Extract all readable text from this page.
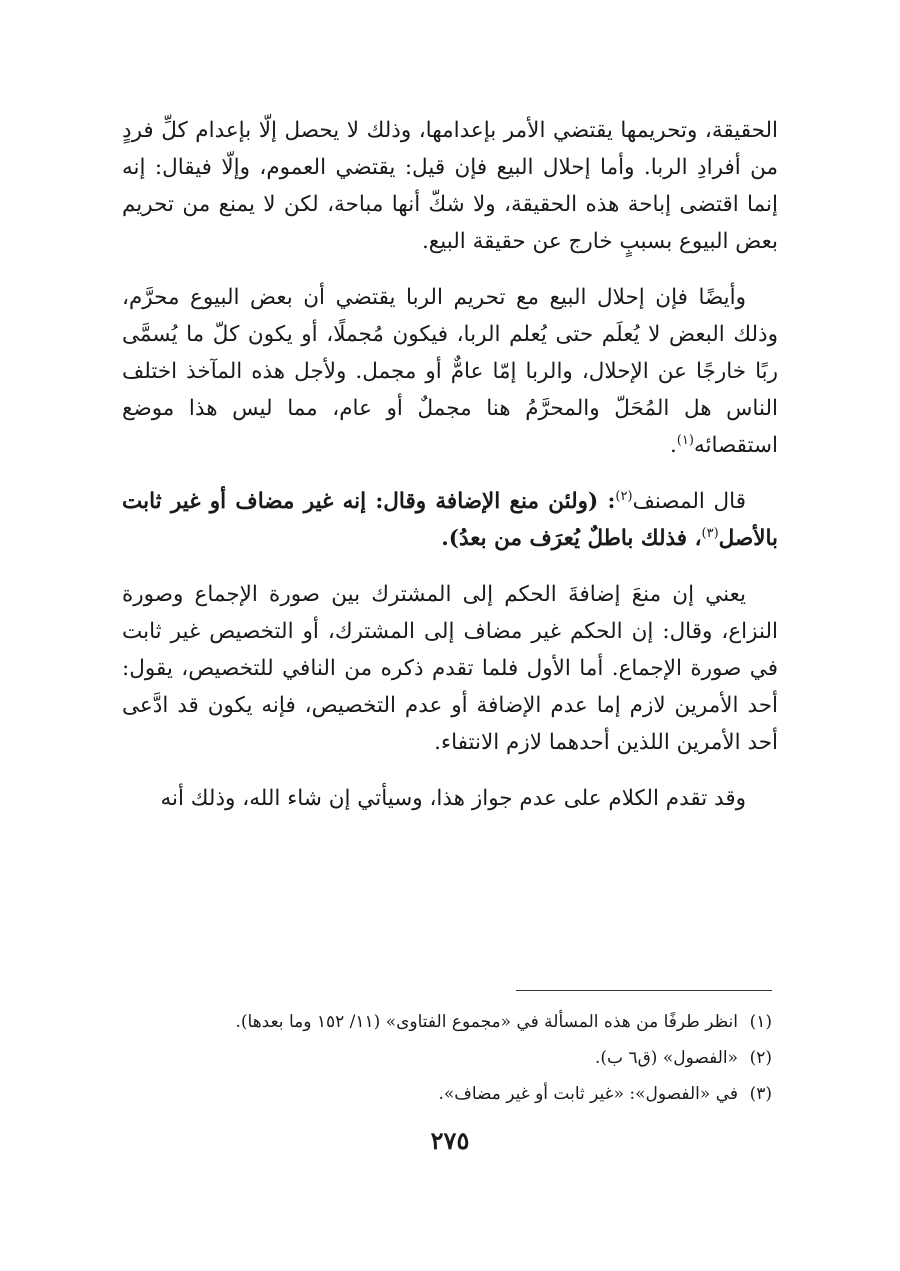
الحقيقة، وتحريمها يقتضي الأمر بإعدامها، وذلك لا يحصل إلّا بإعدام كلِّ فردٍ من أفرادِ الربا. وأما إحلال البيع فإن قيل: يقتضي العموم، وإلّا فيقال: إنه إنما اقتضى إباحة هذه الحقيقة، ولا شكّ أنها مباحة، لكن لا يمنع من تحريم بعض البيوع بسببٍ خارج عن حقيقة البيع.

وأيضًا فإن إحلال البيع مع تحريم الربا يقتضي أن بعض البيوع محرَّم، وذلك البعض لا يُعلَم حتى يُعلم الربا، فيكون مُجملًا، أو يكون كلّ ما يُسمَّى ربًا خارجًا عن الإحلال، والربا إمّا عامٌّ أو مجمل. ولأجل هذه المآخذ اختلف الناس هل المُحَلّ والمحرَّمُ هنا مجملٌ أو عام، مما ليس هذا موضع استقصائه$^{(١)}$.

قال المصنف$^{(٢)}$: (ولئن منع الإضافة وقال: إنه غير مضاف أو غير ثابت بالأصل$^{(٣)}$، فذلك باطلٌ يُعرَف من بعدُ).

يعني إن منعَ إضافةَ الحكم إلى المشترك بين صورة الإجماع وصورة النزاع، وقال: إن الحكم غير مضاف إلى المشترك، أو التخصيص غير ثابت في صورة الإجماع. أما الأول فلما تقدم ذكره من النافي للتخصيص، يقول: أحد الأمرين لازم إما عدم الإضافة أو عدم التخصيص، فإنه يكون قد ادَّعى أحد الأمرين اللذين أحدهما لازم الانتفاء.

وقد تقدم الكلام على عدم جواز هذا، وسيأتي إن شاء الله، وذلك أنه

(١)انظر طرفًا من هذه المسألة في «مجموع الفتاوى» (١١/ ١٥٢ وما بعدها).

(٢)«الفصول» (ق٦ ب).

(٣)في «الفصول»: «غير ثابت أو غير مضاف».

٢٧٥
